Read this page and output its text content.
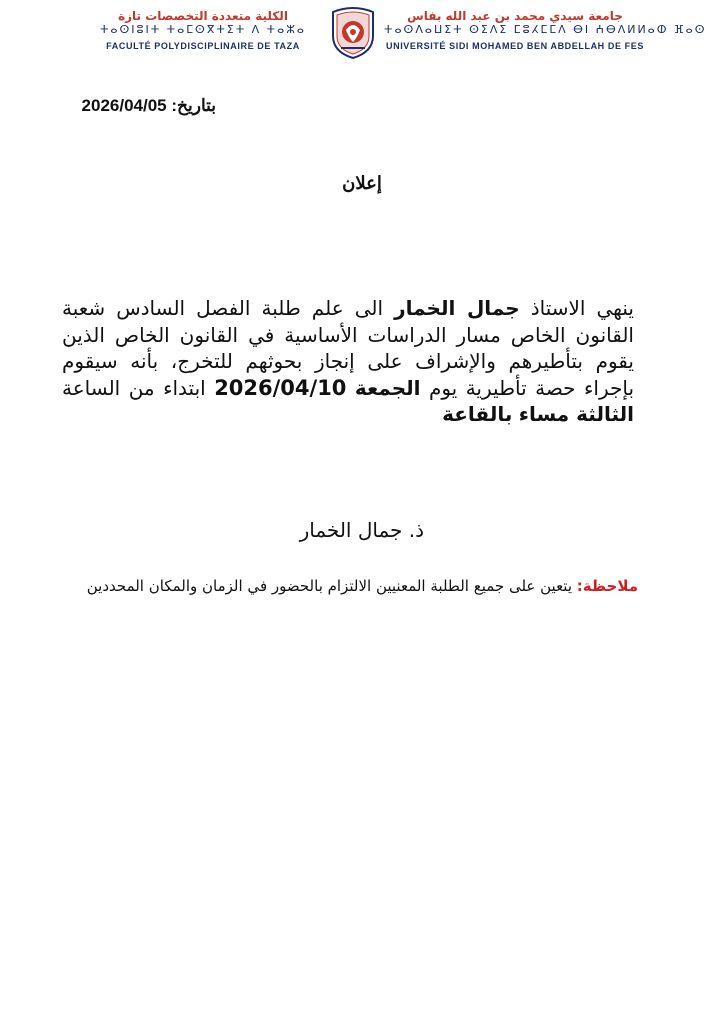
الكلية متعددة التخصصات تازة
ⵜⴰⵙⵏⵓⵏⵜ ⵜⴰⵎⵙⴳⵜⵉⵜ ⴷ ⵜⴰⵣⴰ
FACULTÉ POLYDISCIPLINAIRE DE TAZA
جامعة سيدي محمد بن عبد الله بفاس
ⵜⴰⵙⴷⴰⵡⵉⵜ ⵙⵉⴷⵉ ⵎⵓⵃⵎⵎⴷ ⴱⵏ ⵄⴱⴷⵍⵍⴰⵀ ⴼⴰⵙ
UNIVERSITÉ SIDI MOHAMED BEN ABDELLAH DE FES
بتاريخ: 2026/04/05
إعلان
ينهي الاستاذ جمال الخمار الى علم طلبة الفصل السادس شعبة القانون الخاص مسار الدراسات الأساسية في القانون الخاص الذين يقوم بتأطيرهم والإشراف على إنجاز بحوثهم للتخرج، بأنه سيقوم بإجراء حصة تأطيرية يوم الجمعة 2026/04/10 ابتداء من الساعة الثالثة مساء بالقاعة
ذ. جمال الخمار
ملاحظة: يتعين على جميع الطلبة المعنيين الالتزام بالحضور في الزمان والمكان المحددين
